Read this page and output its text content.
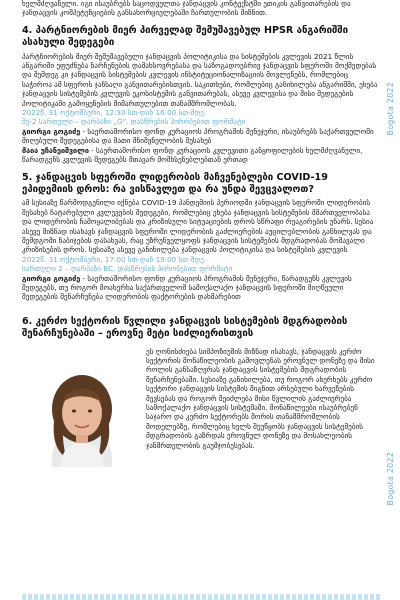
ხელმძღვანელი. იგი ისაუბრებს საცოდველთა ჯანდაცვის კონტექსტში ეთიკის განვითარების და ჯანდაცვის კომპეტენციების განსახორციელებაში ჩართულობის მიზნით.

4. პარტნიორების მიერ პირველად შემუშავებულ HPSR ანგარიშში ასახული შედეგები

პარტნიორების მიერ შემუშავებული ჯანდაცვის პოლიტიკისა და სისტემების კვლევის 2021 წლის ანგარიში ეფუძნება ნარჩენების დამახსოვრებასა და საზოგადოებრივ ჯანდაცვის სფეროში მოქმედებას და შემდეგ კი ჯანდაცვის სისტემების კვლევის ინსტიტუციონალიზაციის მოვლენებს, რომლებიც საჭიროა ამ სფეროს ჯანსაღი განვითარებისთვის. საკითხები, რომლებიც განიხილება ანგარიშში, ეხება ჯანდაცვის სისტემების კვლევის ეკოსისტემის განვითარებას, ასევე კვლევისა და მისი შედეგების პოლიტიკაში გამოყენების მიმართულებით თანამშრომლობას.

2022წ. 31 ოქტომბერი, 12:30 სთ-დან 16:00 სთ-მდე.

მე-2 სართული – დარბაზი „G“. დასწრების პირობებით ფორმატი

გიორგი გოგიძე - საერთაშორისო ფონდ კურაციოს პროგრამის მენეჯერი, ისაუბრებს საქართველოში მიღებული შედეგებისა და მათი მნიშვნელობის შესახებ

მაია უჩანეიშვილი - საერთაშორისო ფონდ კურაციოს კვლევითი განყოფილების ხელმძღვანელი, წარადგენს კვლევის შედეგებს მთავარ მომხსენებლებთან ერთად

5. ჯანდაცვის სფეროში ლიდერობის მაჩვენებლები COVID-19 ეპიდემიის დროს: რა ვისწავლეთ და რა უნდა შევცვალოთ?

ამ სესიაზე წარმოდგენილი იქნება COVID-19 პანდემიის პერიოდში ჯანდაცვის სფეროში ლიდერობის შესახებ ჩატარებული კვლევების შედეგები, რომლებიც ეხება ჯანდაცვის სისტემების მმართველობასა და ლიდერობის ჩამოყალიბებას და კრიზისული სიტუაციების დროს სწრაფი რეაგირების უნარს. სესია ასევე მიზნად ისახავს ჯანდაცვის სფეროში ლიდერობის გაძლიერების აუცილებლობის განხილვას და შემდგომი ნაბიჯების დასახვას, რაც უზრუნველყოფს ჯანდაცვის სისტემების მდგრადობას მომავალი კრიზისების დროს. სესიაზე ასევე განიხილება ჯანდაცვის პოლიტიკისა და სისტემების კვლევის

2022წ. 31 ოქტომბერი, 17:00 სთ-დან 19:00 სთ-მდე.

სართული 2 – დარბაზი BC. დასწრების პირობებით ფორმატი

გიორგი გოგიძე - საერთაშორისო ფონდ კურაციოს პროგრამის მენეჯერი, წარადგენს კვლევის შედეგებს, თუ როგორ მოახერხა საქართველომ სამოქალაქო ჯანდაცვის სფეროში მიღწეული შედეგების შენარჩუნება ლიდერობის ფაქტორების დახმარებით

6. კერძო სექტორის წვლილი ჯანდაცვის სისტემების მდგრადობის შენარჩუნებაში – ეროვნე მეტი სიძლიერისთვის

ეს ღონისძიება სიმპოზიუმის მიზნად ისახავს, ჯანდაცვის კერძო სექტორის მონაწილეობის გამოვლენას ეროვნულ დონეზე და მისი როლის განსაზღვრას ჯანდაცვის სისტემების მდგრადობის შენარჩუნებაში. სესიაზე განიხილება, თუ როგორ ახერხებს კერძო სექტორი ჯანდაცვის სისტემის შიგნით არსებული ხარვეზების შევსებას და როგორ შეიძლება მისი წვლილის გაძლიერება სამოქალაქო ჯანდაცვის სისტემაში. მონაწილეები ისაუბრებენ საჯარო და კერძო სექტორებს შორის თანამშრომლობის მოდელებზე, რომლებიც ხელს შეუწყობს ჯანდაცვის სისტემების მდგრადობის გაზრდას ეროვნულ დონეზე და მოსახლეობის ჯანმრთელობის გაუმჯობესებას.

Bogota 2022
Bogota 2022
